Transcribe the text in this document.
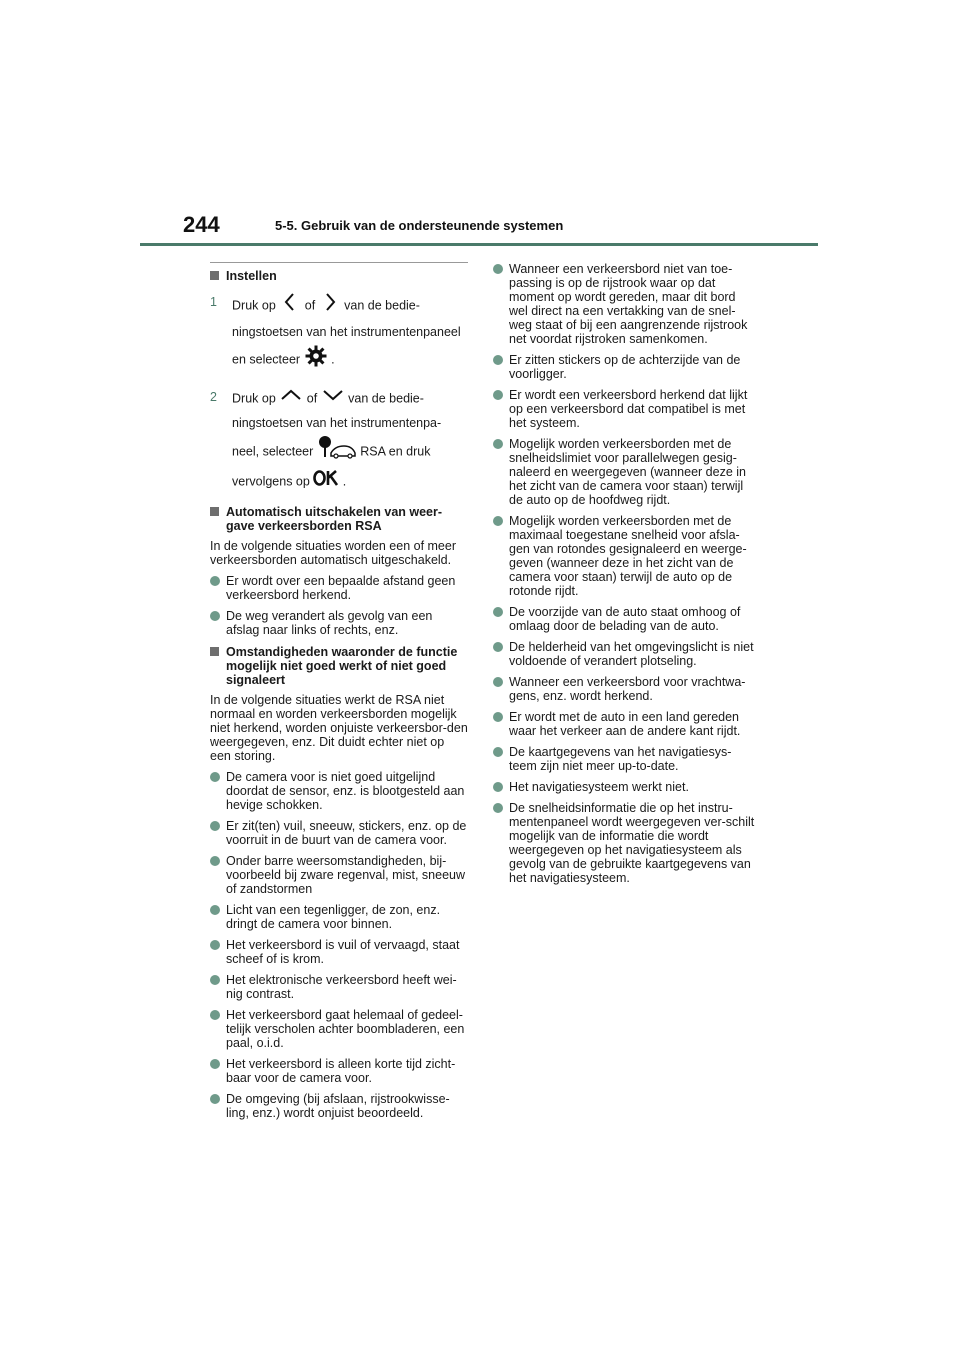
244	5-5. Gebruik van de ondersteunende systemen
Instellen
1 Druk op of van de bedie-ningstoetsen van het instrumentenpaneel en selecteer .
2 Druk op of van de bedie-ningstoetsen van het instrumentenpa-neel, selecteer	RSA en druk vervolgens op	.
Automatisch uitschakelen van weer-gave verkeersborden RSA
In de volgende situaties worden een of meer verkeersborden automatisch uitgeschakeld.
Er wordt over een bepaalde afstand geen verkeersbord herkend.
De weg verandert als gevolg van een afslag naar links of rechts, enz.
Omstandigheden waaronder de functie mogelijk niet goed werkt of niet goed signaleert
In de volgende situaties werkt de RSA niet normaal en worden verkeersborden mogelijk niet herkend, worden onjuiste verkeersbor-den weergegeven, enz. Dit duidt echter niet op een storing.
De camera voor is niet goed uitgelijnd doordat de sensor, enz. is blootgesteld aan hevige schokken.
Er zit(ten) vuil, sneeuw, stickers, enz. op de voorruit in de buurt van de camera voor.
Onder barre weersomstandigheden, bij-voorbeeld bij zware regenval, mist, sneeuw of zandstormen
Licht van een tegenligger, de zon, enz. dringt de camera voor binnen.
Het verkeersbord is vuil of vervaagd, staat scheef of is krom.
Het elektronische verkeersbord heeft wei-nig contrast.
Het verkeersbord gaat helemaal of gedeel-telijk verscholen achter boombladeren, een paal, o.i.d.
Het verkeersbord is alleen korte tijd zicht-baar voor de camera voor.
De omgeving (bij afslaan, rijstrookwisse-ling, enz.) wordt onjuist beoordeeld.
Wanneer een verkeersbord niet van toe-passing is op de rijstrook waar op dat moment op wordt gereden, maar dit bord wel direct na een vertakking van de snel-weg staat of bij een aangrenzende rijstrook net voordat rijstroken samenkomen.
Er zitten stickers op de achterzijde van de voorligger.
Er wordt een verkeersbord herkend dat lijkt op een verkeersbord dat compatibel is met het systeem.
Mogelijk worden verkeersborden met de snelheidslimiet voor parallelwegen gesig-naleerd en weergegeven (wanneer deze in het zicht van de camera voor staan) terwijl de auto op de hoofdweg rijdt.
Mogelijk worden verkeersborden met de maximaal toegestane snelheid voor afsla-gen van rotondes gesignaleerd en weerge-geven (wanneer deze in het zicht van de camera voor staan) terwijl de auto op de rotonde rijdt.
De voorzijde van de auto staat omhoog of omlaag door de belading van de auto.
De helderheid van het omgevingslicht is niet voldoende of verandert plotseling.
Wanneer een verkeersbord voor vrachtwa-gens, enz. wordt herkend.
Er wordt met de auto in een land gereden waar het verkeer aan de andere kant rijdt.
De kaartgegevens van het navigatiesys-teem zijn niet meer up-to-date.
Het navigatiesysteem werkt niet.
De snelheidsinformatie die op het instru-mentenpaneel wordt weergegeven ver-schilt mogelijk van de informatie die wordt weergegeven op het navigatiesysteem als gevolg van de gebruikte kaartgegevens van het navigatiesysteem.
